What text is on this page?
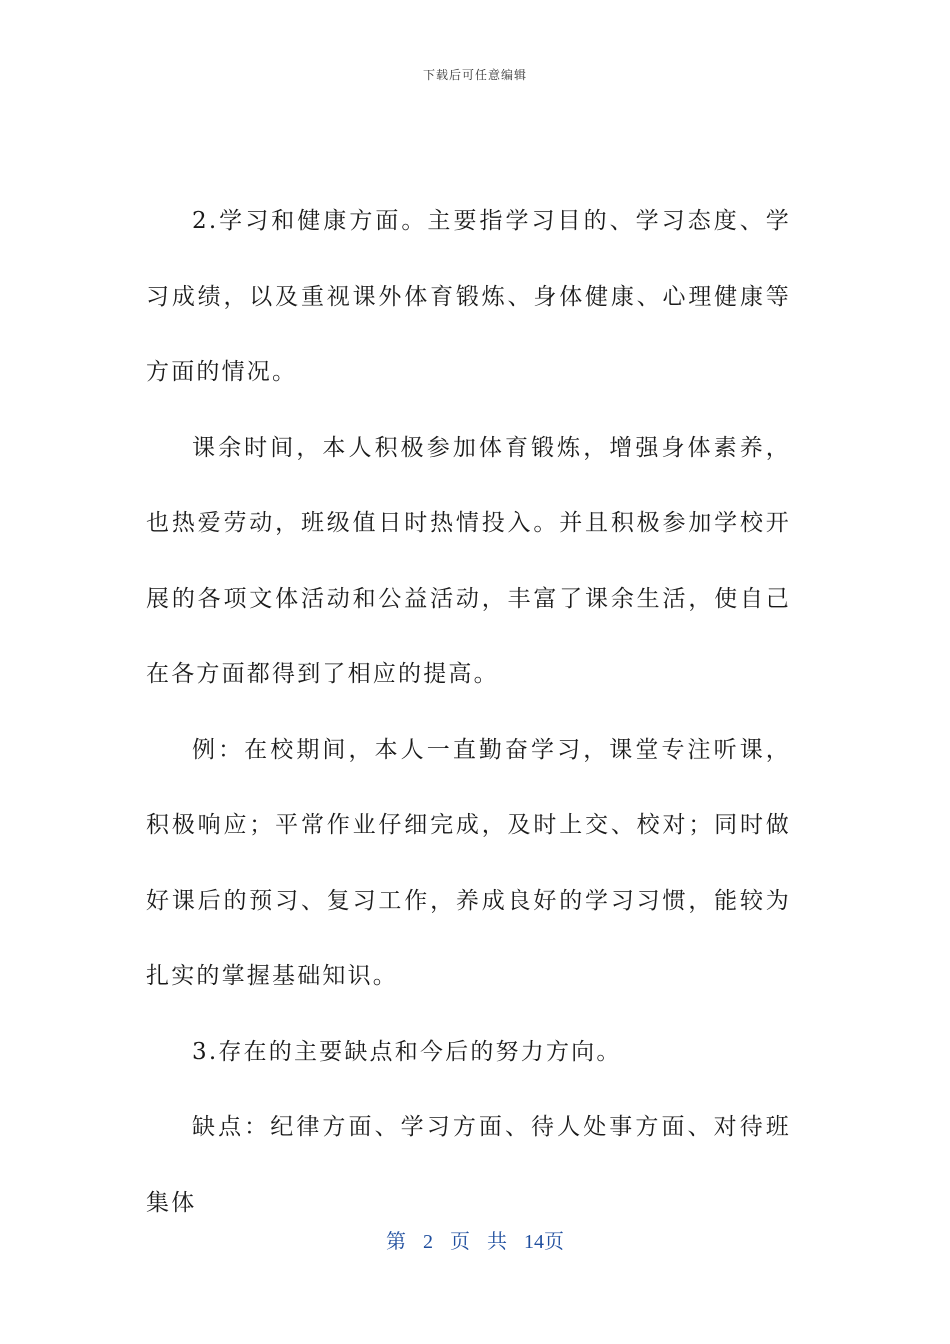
下载后可任意编辑

2.学习和健康方面。主要指学习目的、学习态度、学习成绩，以及重视课外体育锻炼、身体健康、心理健康等方面的情况。

课余时间，本人积极参加体育锻炼，增强身体素养，也热爱劳动，班级值日时热情投入。并且积极参加学校开展的各项文体活动和公益活动，丰富了课余生活，使自己在各方面都得到了相应的提高。

例：在校期间，本人一直勤奋学习，课堂专注听课，积极响应；平常作业仔细完成，及时上交、校对；同时做好课后的预习、复习工作，养成良好的学习习惯，能较为扎实的掌握基础知识。

3.存在的主要缺点和今后的努力方向。

缺点：纪律方面、学习方面、待人处事方面、对待班集体

第 2 页 共 14页
